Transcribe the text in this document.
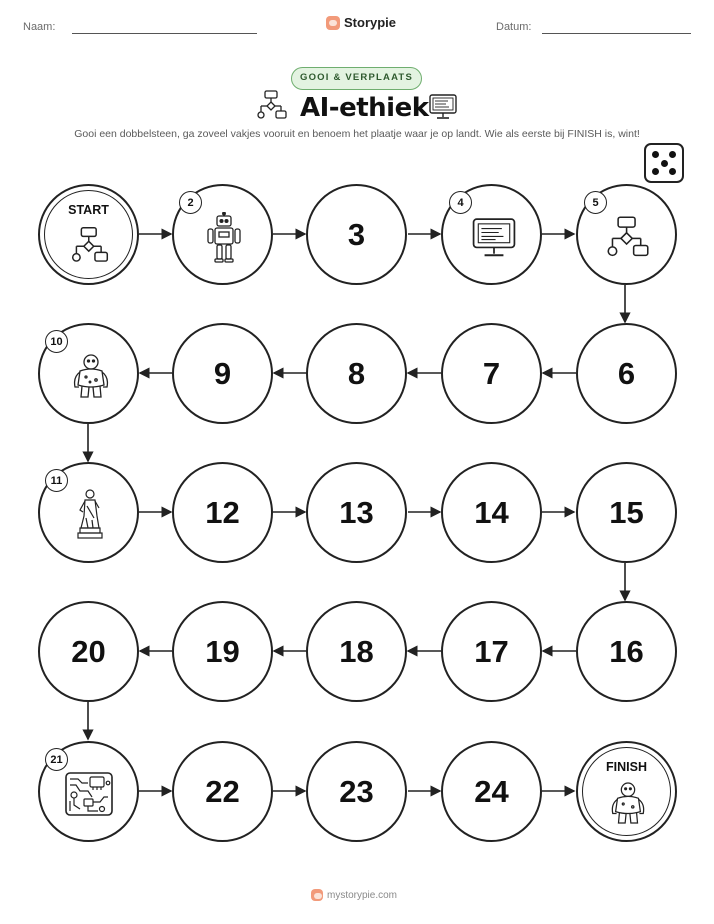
Naam:	Storypie	Datum:
GOOI & VERPLAATS
AI-ethiek
Gooi een dobbelsteen, ga zoveel vakjes vooruit en benoem het plaatje waar je op landt. Wie als eerste bij FINISH is, wint!
START
2
3
4	5
10
9	8	7	6
11
12	13	14	15
20	19	18	17	16
21
22	23	24
FINISH
mystorypie.com
